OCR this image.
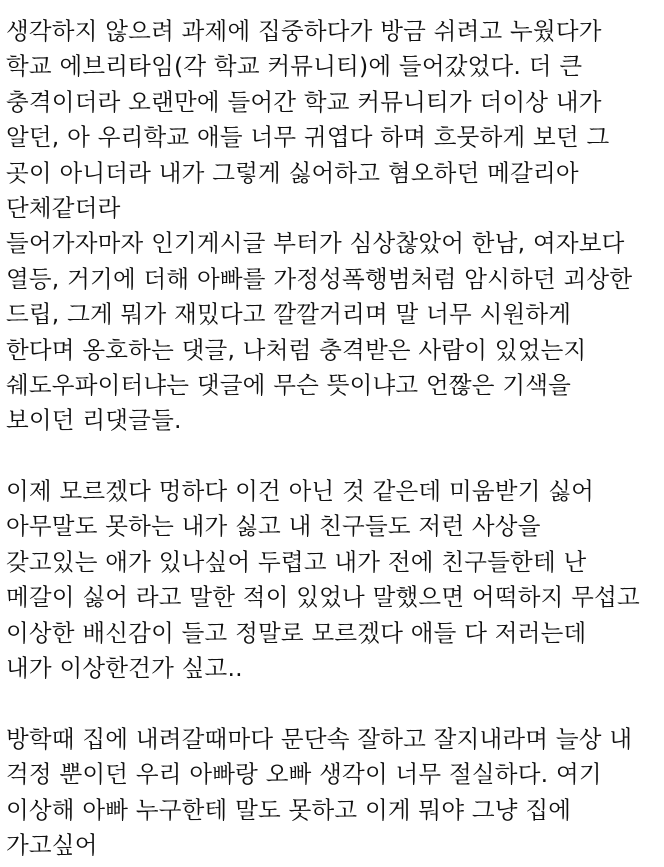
생각하지 않으려 과제에 집중하다가 방금 쉬려고 누웠다가
학교 에브리타임(각 학교 커뮤니티)에 들어갔었다. 더 큰
충격이더라 오랜만에 들어간 학교 커뮤니티가 더이상 내가
알던, 아 우리학교 애들 너무 귀엽다 하며 흐뭇하게 보던 그
곳이 아니더라 내가 그렇게 싫어하고 혐오하던 메갈리아
단체같더라
들어가자마자 인기게시글 부터가 심상찮았어 한남, 여자보다
열등, 거기에 더해 아빠를 가정성폭행범처럼 암시하던 괴상한
드립, 그게 뭐가 재밌다고 깔깔거리며 말 너무 시원하게
한다며 옹호하는 댓글, 나처럼 충격받은 사람이 있었는지
쉐도우파이터냐는 댓글에 무슨 뜻이냐고 언짢은 기색을
보이던 리댓글들.
이제 모르겠다 멍하다 이건 아닌 것 같은데 미움받기 싫어
아무말도 못하는 내가 싫고 내 친구들도 저런 사상을
갖고있는 애가 있나싶어 두렵고 내가 전에 친구들한테 난
메갈이 싫어 라고 말한 적이 있었나 말했으면 어떡하지 무섭고
이상한 배신감이 들고 정말로 모르겠다 애들 다 저러는데
내가 이상한건가 싶고..
방학때 집에 내려갈때마다 문단속 잘하고 잘지내라며 늘상 내
걱정 뿐이던 우리 아빠랑 오빠 생각이 너무 절실하다. 여기
이상해 아빠 누구한테 말도 못하고 이게 뭐야 그냥 집에
가고싶어
